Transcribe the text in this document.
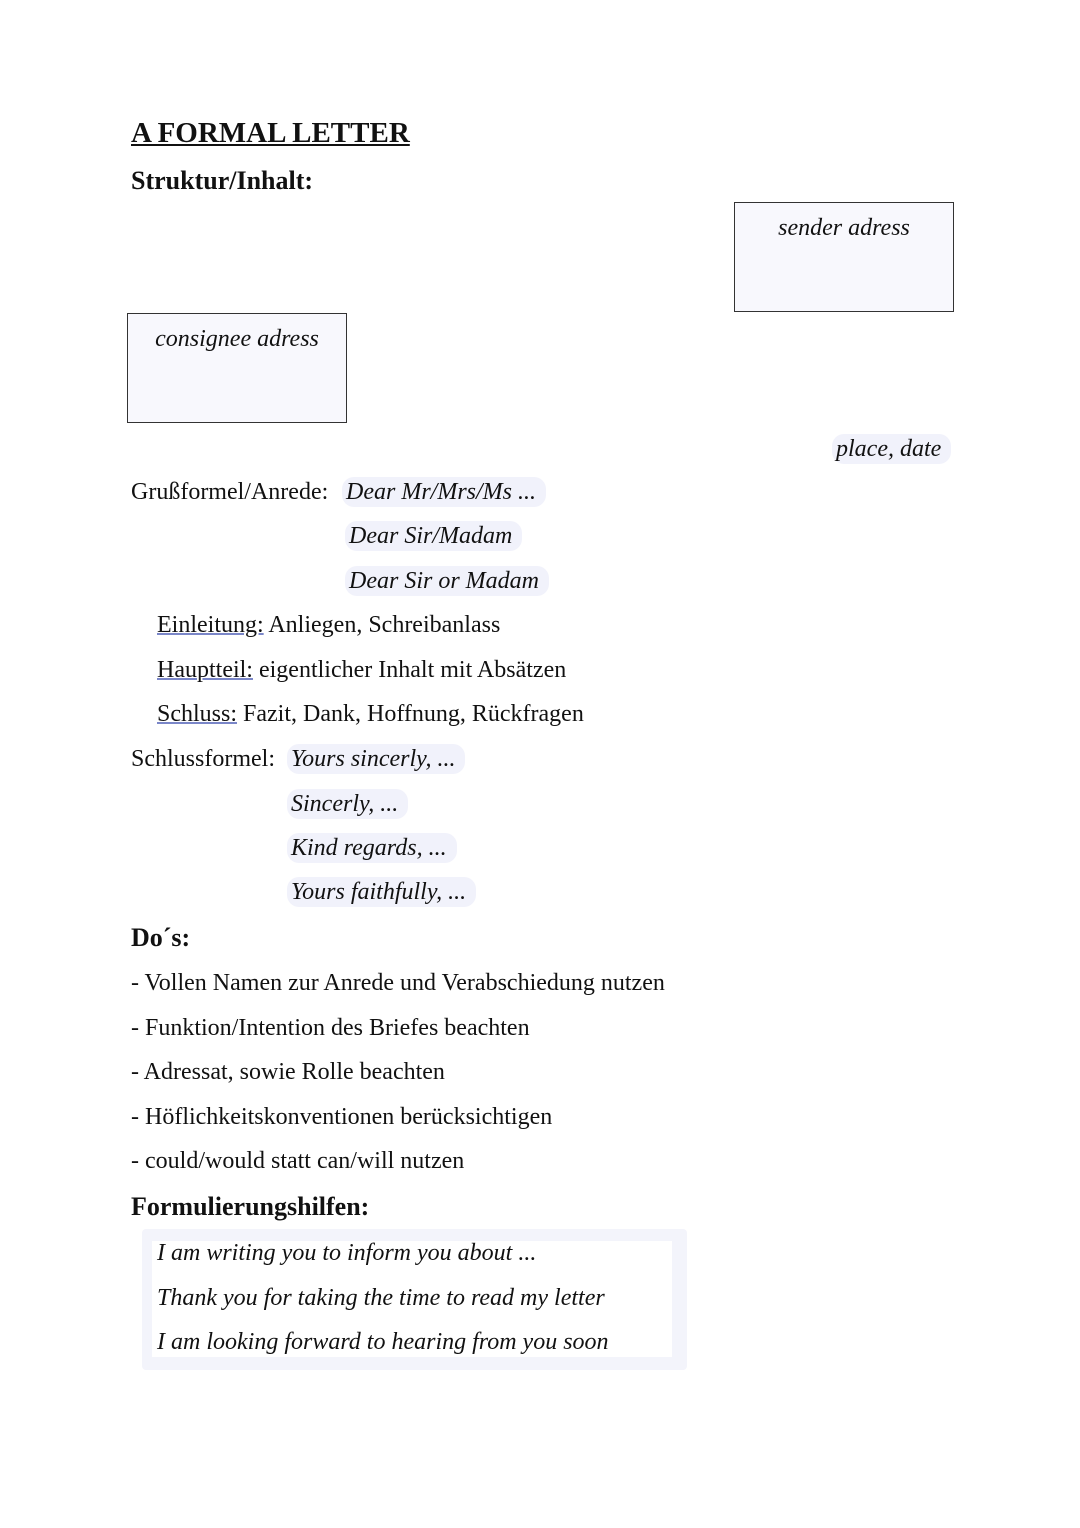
A FORMAL LETTER
Struktur/Inhalt:
sender adress
consignee adress
place, date
Grußformel/Anrede: Dear Mr/Mrs/Ms ...
Dear Sir/Madam
Dear Sir or Madam
Einleitung: Anliegen, Schreibanlass
Hauptteil: eigentlicher Inhalt mit Absätzen
Schluss: Fazit, Dank, Hoffnung, Rückfragen
Schlussformel: Yours sincerly, ...
Sincerly, ...
Kind regards, ...
Yours faithfully, ...
Do´s:
- Vollen Namen zur Anrede und Verabschiedung nutzen
- Funktion/Intention des Briefes beachten
- Adressat, sowie Rolle beachten
- Höflichkeitskonventionen berücksichtigen
- could/would statt can/will nutzen
Formulierungshilfen:
I am writing you to inform you about ...
Thank you for taking the time to read my letter
I am looking forward to hearing from you soon
